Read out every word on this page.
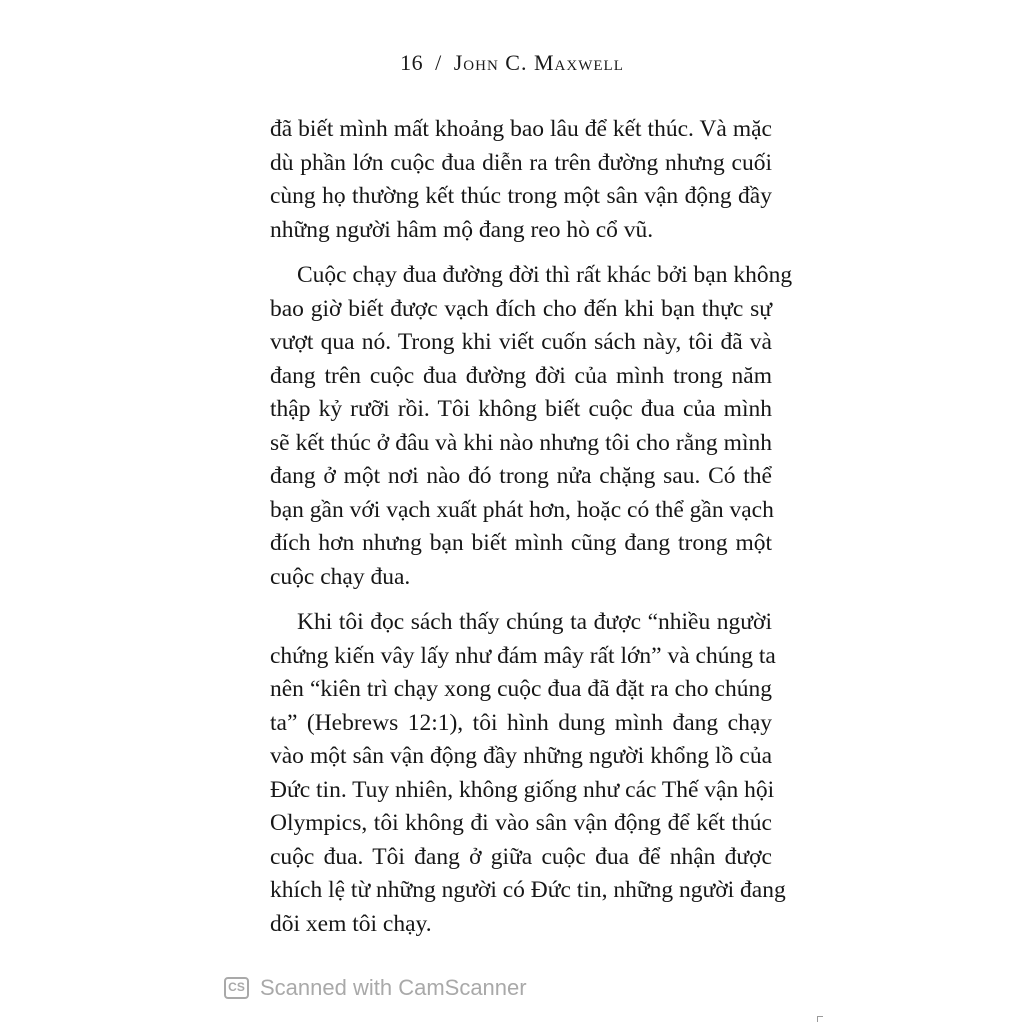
16 / John C. Maxwell

đã biết mình mất khoảng bao lâu để kết thúc. Và mặc
dù phần lớn cuộc đua diễn ra trên đường nhưng cuối
cùng họ thường kết thúc trong một sân vận động đầy
những người hâm mộ đang reo hò cổ vũ.

Cuộc chạy đua đường đời thì rất khác bởi bạn không
bao giờ biết được vạch đích cho đến khi bạn thực sự
vượt qua nó. Trong khi viết cuốn sách này, tôi đã và
đang trên cuộc đua đường đời của mình trong năm
thập kỷ rưỡi rồi. Tôi không biết cuộc đua của mình
sẽ kết thúc ở đâu và khi nào nhưng tôi cho rằng mình
đang ở một nơi nào đó trong nửa chặng sau. Có thể
bạn gần với vạch xuất phát hơn, hoặc có thể gần vạch
đích hơn nhưng bạn biết mình cũng đang trong một
cuộc chạy đua.

Khi tôi đọc sách thấy chúng ta được “nhiều người
chứng kiến vây lấy như đám mây rất lớn” và chúng ta
nên “kiên trì chạy xong cuộc đua đã đặt ra cho chúng
ta” (Hebrews 12:1), tôi hình dung mình đang chạy
vào một sân vận động đầy những người khổng lồ của
Đức tin. Tuy nhiên, không giống như các Thế vận hội
Olympics, tôi không đi vào sân vận động để kết thúc
cuộc đua. Tôi đang ở giữa cuộc đua để nhận được
khích lệ từ những người có Đức tin, những người đang
dõi xem tôi chạy.

CS Scanned with CamScanner
